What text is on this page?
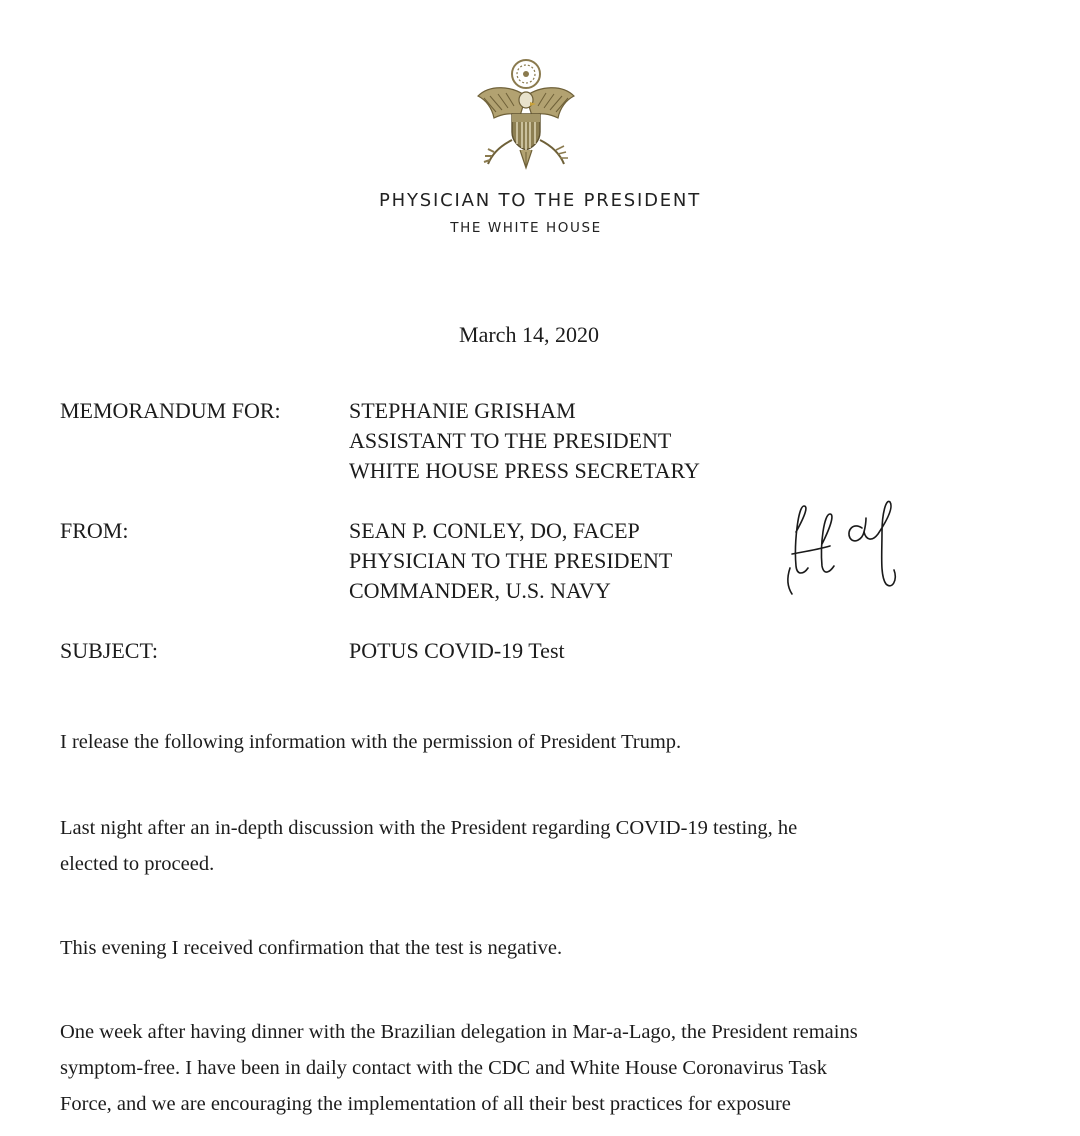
PHYSICIAN TO THE PRESIDENT
THE WHITE HOUSE
March 14, 2020
MEMORANDUM FOR:	STEPHANIE GRISHAM
ASSISTANT TO THE PRESIDENT
WHITE HOUSE PRESS SECRETARY
FROM:	SEAN P. CONLEY, DO, FACEP
PHYSICIAN TO THE PRESIDENT
COMMANDER, U.S. NAVY
SUBJECT:	POTUS COVID-19 Test
I release the following information with the permission of President Trump.
Last night after an in-depth discussion with the President regarding COVID-19 testing, he
elected to proceed.
This evening I received confirmation that the test is negative.
One week after having dinner with the Brazilian delegation in Mar-a-Lago, the President remains
symptom-free. I have been in daily contact with the CDC and White House Coronavirus Task
Force, and we are encouraging the implementation of all their best practices for exposure
